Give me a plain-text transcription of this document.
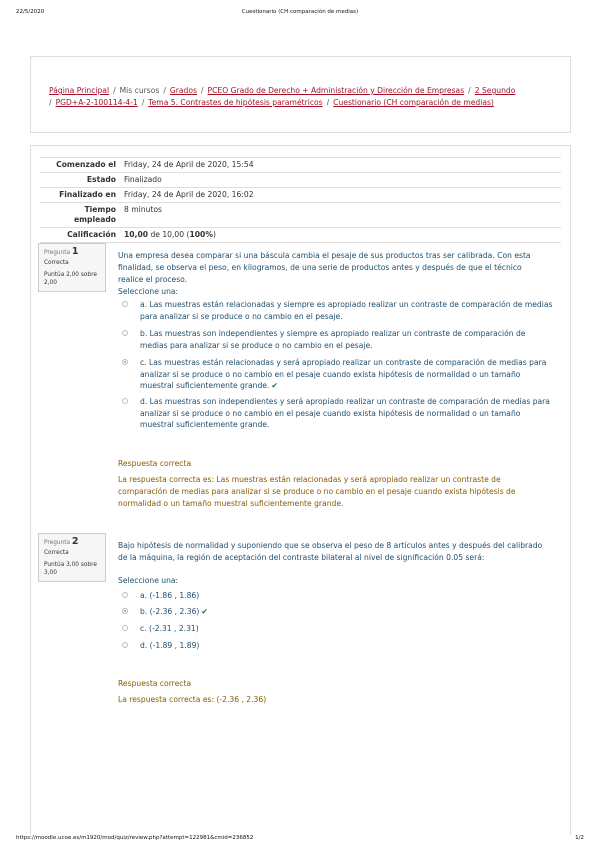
22/5/2020	Cuestionario (CH comparación de medias)
Página Principal / Mis cursos / Grados / PCEO Grado de Derecho + Administración y Dirección de Empresas / 2 Segundo
/ PGD+A-2-100114-4-1 / Tema 5. Contrastes de hipótesis paramétricos / Cuestionario (CH comparación de medias)
Comenzado el	Friday, 24 de April de 2020, 15:54
Estado	Finalizado
Finalizado en	Friday, 24 de April de 2020, 16:02
Tiempo empleado	8 minutos
Calificación	10,00 de 10,00 (100%)
Pregunta 1
Correcta
Puntúa 2,00 sobre 2,00
Una empresa desea comparar si una báscula cambia el pesaje de sus productos tras ser calibrada. Con esta finalidad, se observa el peso, en kilogramos, de una serie de productos antes y después de que el técnico realice el proceso.
Seleccione una:
a. Las muestras están relacionadas y siempre es apropiado realizar un contraste de comparación de medias para analizar si se produce o no cambio en el pesaje.
b. Las muestras son independientes y siempre es apropiado realizar un contraste de comparación de medias para analizar si se produce o no cambio en el pesaje.
c. Las muestras están relacionadas y será apropiado realizar un contraste de comparación de medias para analizar si se produce o no cambio en el pesaje cuando exista hipótesis de normalidad o un tamaño muestral suficientemente grande. ✔
d. Las muestras son independientes y será apropiado realizar un contraste de comparación de medias para analizar si se produce o no cambio en el pesaje cuando exista hipótesis de normalidad o un tamaño muestral suficientemente grande.
Respuesta correcta
La respuesta correcta es: Las muestras están relacionadas y será apropiado realizar un contraste de comparación de medias para analizar si se produce o no cambio en el pesaje cuando exista hipótesis de normalidad o un tamaño muestral suficientemente grande.
Pregunta 2
Correcta
Puntúa 3,00 sobre 3,00
Bajo hipótesis de normalidad y suponiendo que se observa el peso de 8 artículos antes y después del calibrado de la máquina, la región de aceptación del contraste bilateral al nivel de significación 0.05 será:
Seleccione una:
a. (-1.86 , 1.86)
b. (-2.36 , 2.36) ✔
c. (-2.31 , 2.31)
d. (-1.89 , 1.89)
Respuesta correcta
La respuesta correcta es: (-2.36 , 2.36)
https://moodle.ucoe.es/m1920/mod/quiz/review.php?attempt=122981&cmid=236852	1/2
